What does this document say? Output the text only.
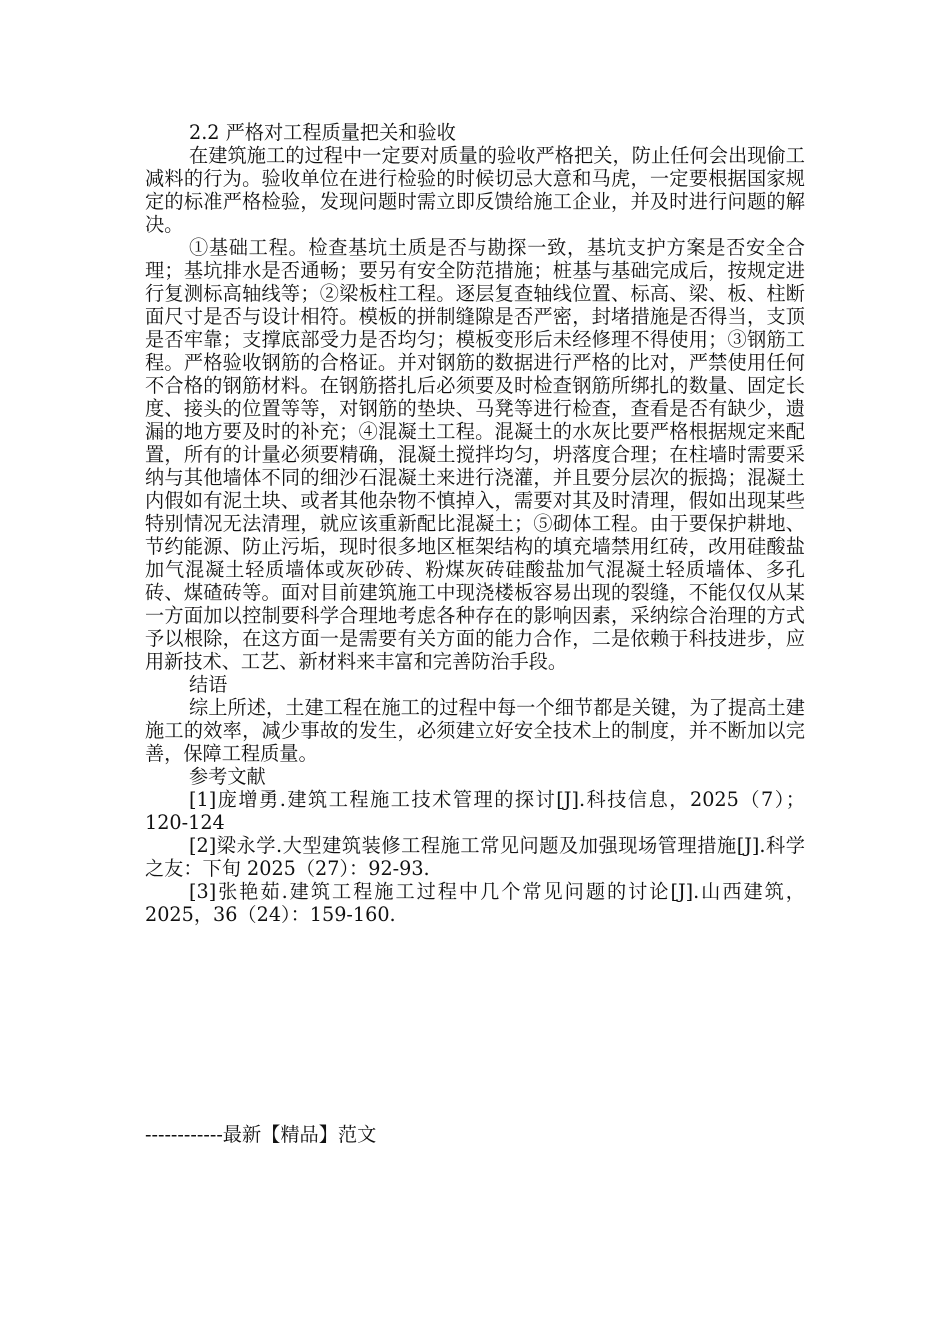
2.2 严格对工程质量把关和验收

在建筑施工的过程中一定要对质量的验收严格把关，防止任何会出现偷工减料的行为。验收单位在进行检验的时候切忌大意和马虎，一定要根据国家规定的标准严格检验，发现问题时需立即反馈给施工企业，并及时进行问题的解决。

①基础工程。检查基坑土质是否与勘探一致，基坑支护方案是否安全合理；基坑排水是否通畅；要另有安全防范措施；桩基与基础完成后，按规定进行复测标高轴线等；②梁板柱工程。逐层复查轴线位置、标高、梁、板、柱断面尺寸是否与设计相符。模板的拼制缝隙是否严密，封堵措施是否得当，支顶是否牢靠；支撑底部受力是否均匀；模板变形后未经修理不得使用；③钢筋工程。严格验收钢筋的合格证。并对钢筋的数据进行严格的比对，严禁使用任何不合格的钢筋材料。在钢筋搭扎后必须要及时检查钢筋所绑扎的数量、固定长度、接头的位置等等，对钢筋的垫块、马凳等进行检查，查看是否有缺少，遗漏的地方要及时的补充；④混凝土工程。混凝土的水灰比要严格根据规定来配置，所有的计量必须要精确，混凝土搅拌均匀，坍落度合理；在柱墙时需要采纳与其他墙体不同的细沙石混凝土来进行浇灌，并且要分层次的振捣；混凝土内假如有泥土块、或者其他杂物不慎掉入，需要对其及时清理，假如出现某些特别情况无法清理，就应该重新配比混凝土；⑤砌体工程。由于要保护耕地、节约能源、防止污垢，现时很多地区框架结构的填充墙禁用红砖，改用硅酸盐加气混凝土轻质墙体或灰砂砖、粉煤灰砖硅酸盐加气混凝土轻质墙体、多孔砖、煤碴砖等。面对目前建筑施工中现浇楼板容易出现的裂缝，不能仅仅从某一方面加以控制要科学合理地考虑各种存在的影响因素，采纳综合治理的方式予以根除，在这方面一是需要有关方面的能力合作，二是依赖于科技进步，应用新技术、工艺、新材料来丰富和完善防治手段。

结语

综上所述，土建工程在施工的过程中每一个细节都是关键，为了提高土建施工的效率，减少事故的发生，必须建立好安全技术上的制度，并不断加以完善，保障工程质量。

参考文献

[1]庞增勇.建筑工程施工技术管理的探讨[J].科技信息，2025（7）；120-124

[2]梁永学.大型建筑装修工程施工常见问题及加强现场管理措施[J].科学之友：下旬 2025（27）：92-93.

[3]张艳茹.建筑工程施工过程中几个常见问题的讨论[J].山西建筑，2025，36（24）：159-160.

------------最新【精品】范文
